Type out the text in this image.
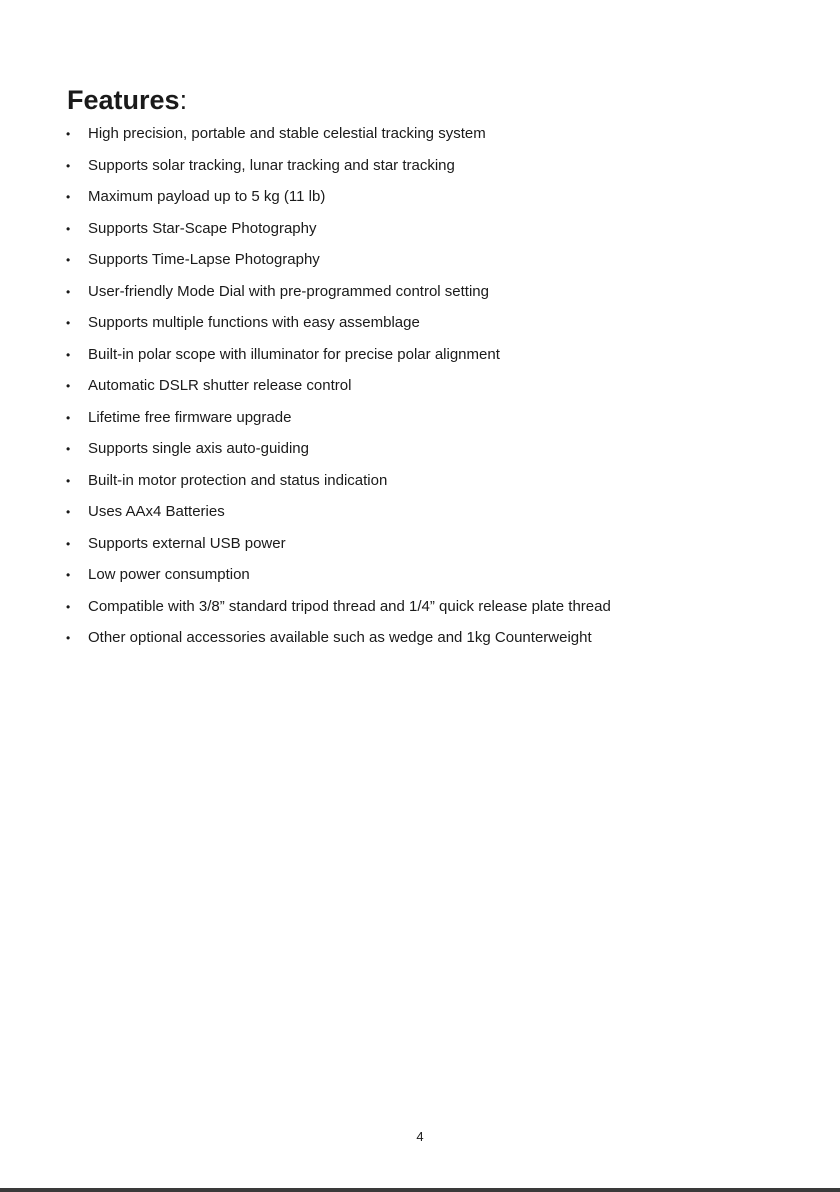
Features:
•	High precision, portable and stable celestial tracking system
•	Supports solar tracking, lunar tracking and star tracking
•	Maximum payload up to 5 kg (11 lb)
•	Supports Star-Scape Photography
•	Supports Time-Lapse Photography
•	User-friendly Mode Dial with pre-programmed control setting
•	Supports multiple functions with easy assemblage
•	Built-in polar scope with illuminator for precise polar alignment
•	Automatic DSLR shutter release control
•	Lifetime free firmware upgrade
•	Supports single axis auto-guiding
•	Built-in motor protection and status indication
•	Uses AAx4 Batteries
•	Supports external USB power
•	Low power consumption
•	Compatible with 3/8” standard tripod thread and 1/4” quick release plate thread
•	Other optional accessories available such as wedge and 1kg Counterweight
4
